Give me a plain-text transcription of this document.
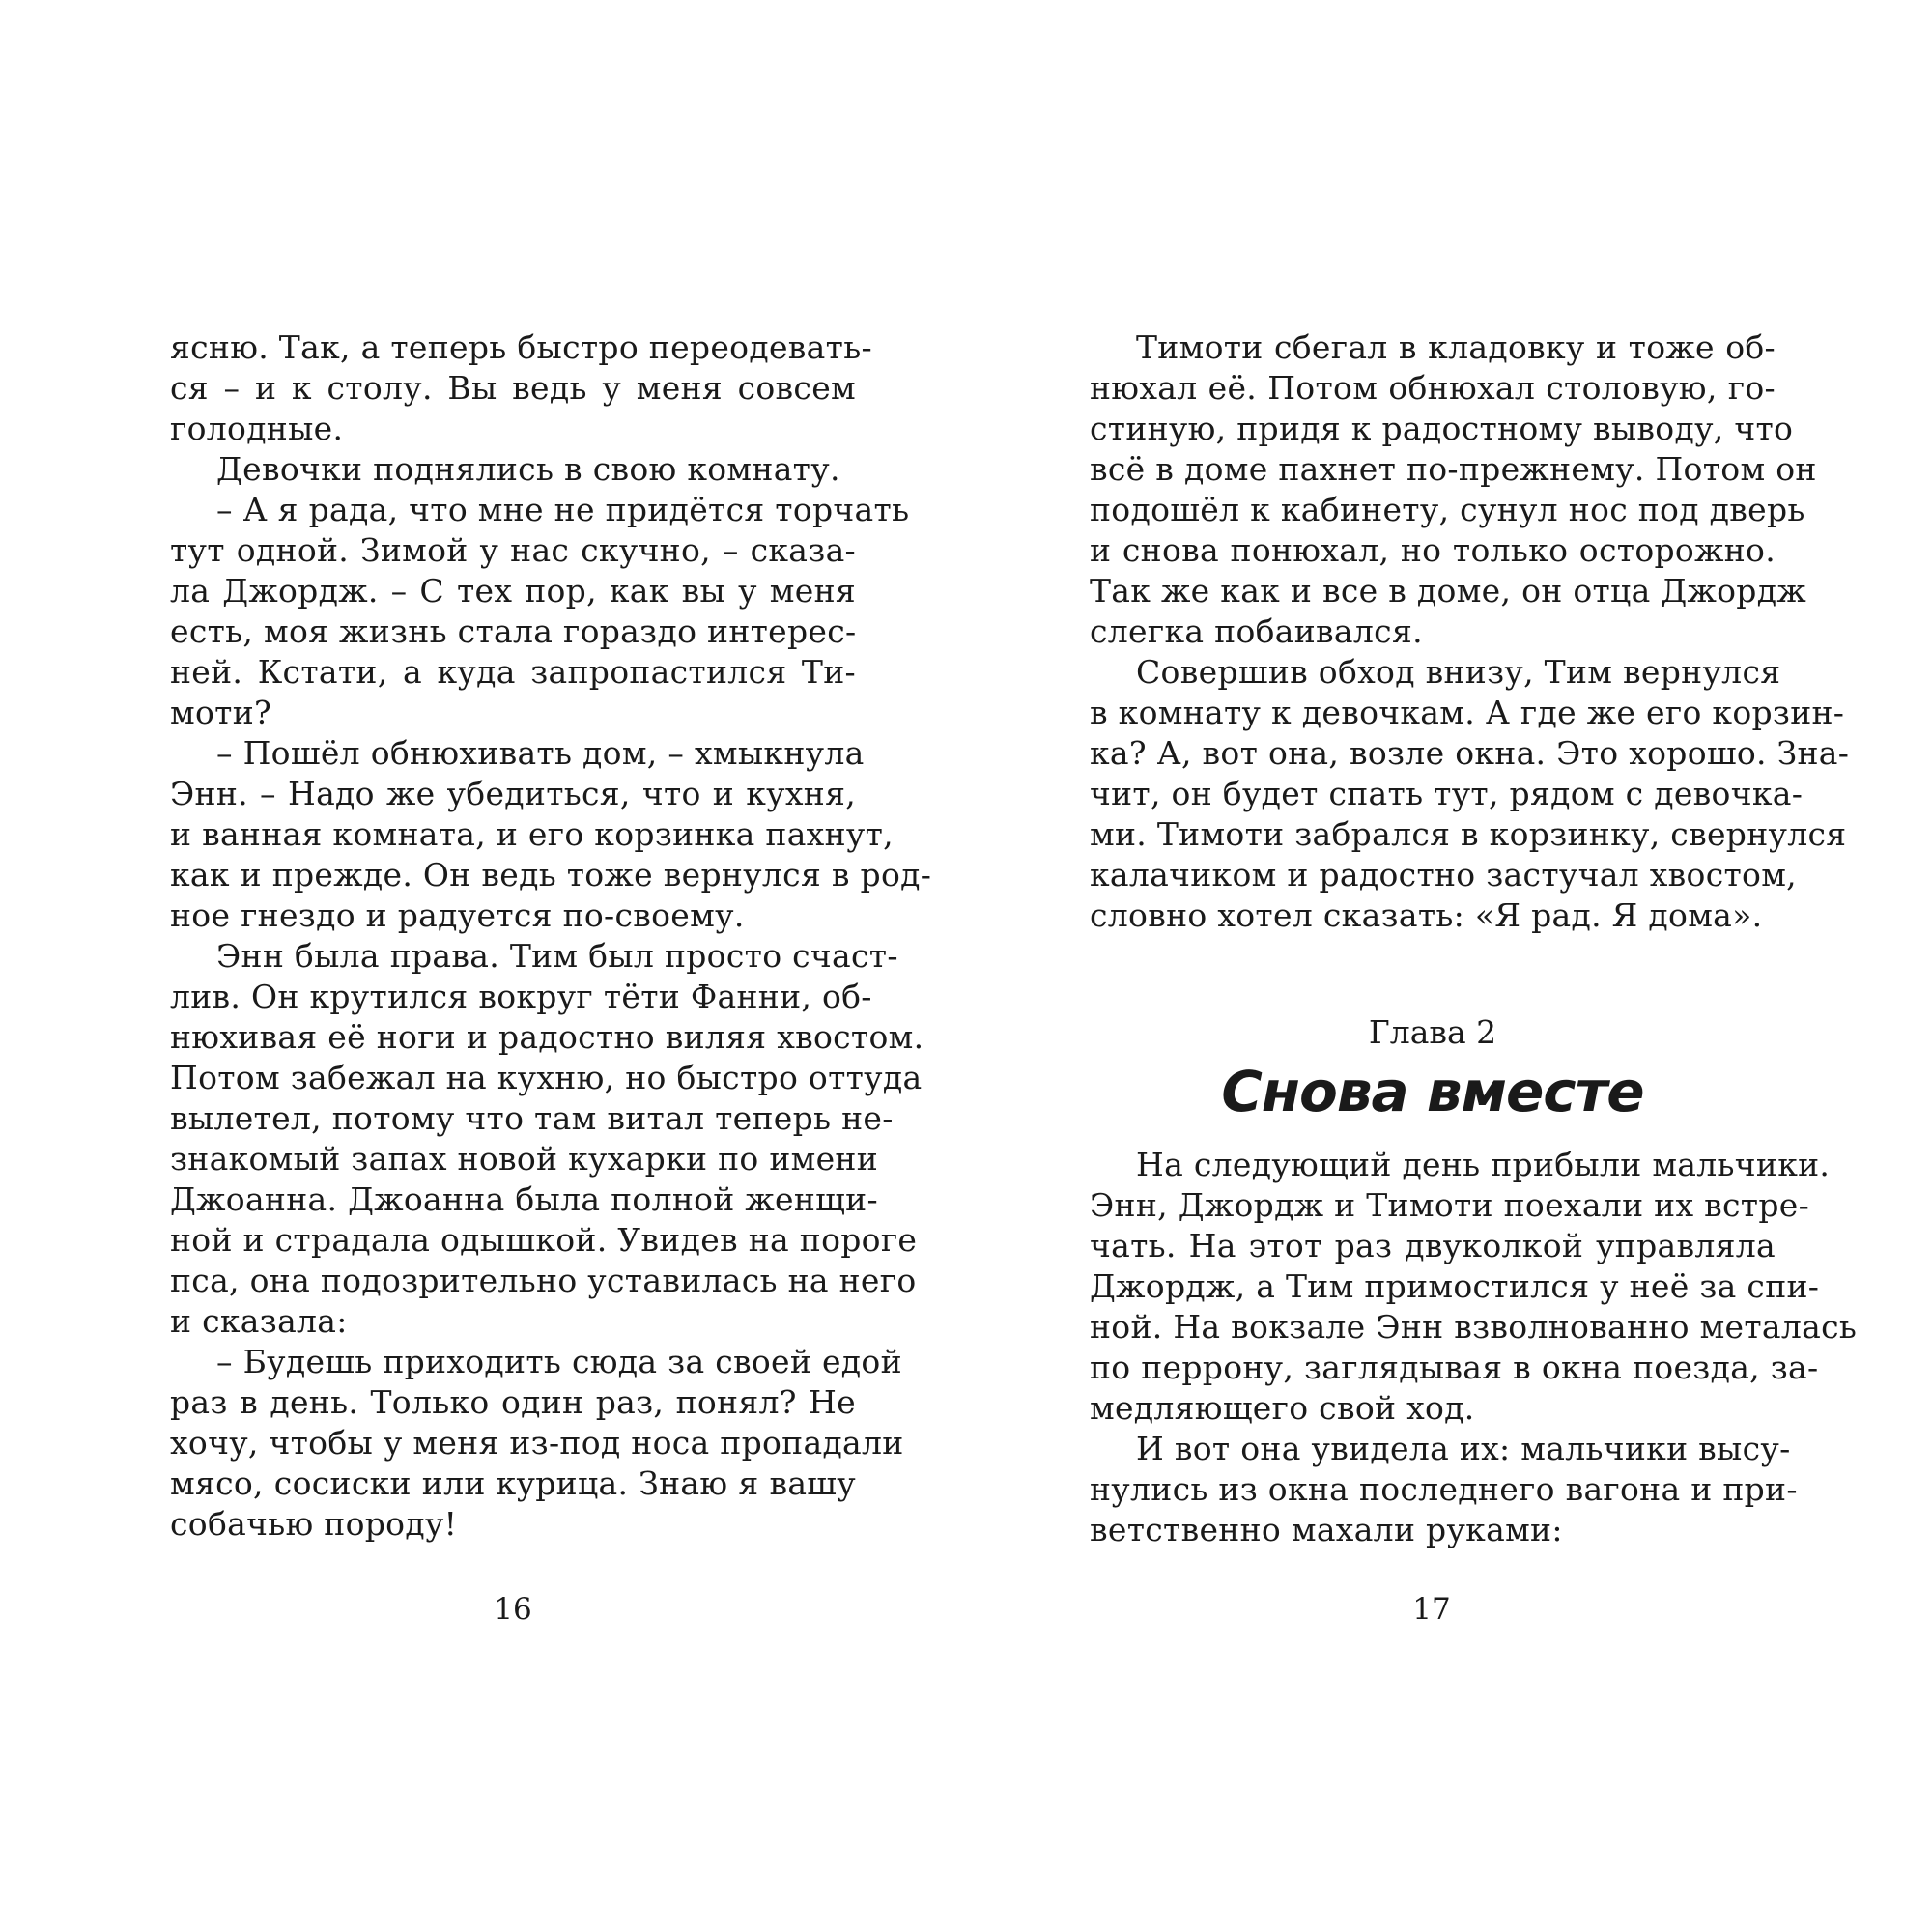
ясню. Так, а теперь быстро переодевать-
ся – и к столу. Вы ведь у меня совсем
голодные.
Девочки поднялись в свою комнату.
– А я рада, что мне не придётся торчать
тут одной. Зимой у нас скучно, – сказа-
ла Джордж. – С тех пор, как вы у меня
есть, моя жизнь стала гораздо интерес-
ней. Кстати, а куда запропастился Ти-
моти?
– Пошёл обнюхивать дом, – хмыкнула
Энн. – Надо же убедиться, что и кухня,
и ванная комната, и его корзинка пахнут,
как и прежде. Он ведь тоже вернулся в род-
ное гнездо и радуется по-своему.
Энн была права. Тим был просто счаст-
лив. Он крутился вокруг тёти Фанни, об-
нюхивая её ноги и радостно виляя хвостом.
Потом забежал на кухню, но быстро оттуда
вылетел, потому что там витал теперь не-
знакомый запах новой кухарки по имени
Джоанна. Джоанна была полной женщи-
ной и страдала одышкой. Увидев на пороге
пса, она подозрительно уставилась на него
и сказала:
– Будешь приходить сюда за своей едой
раз в день. Только один раз, понял? Не
хочу, чтобы у меня из-под носа пропадали
мясо, сосиски или курица. Знаю я вашу
собачью породу!
16
Тимоти сбегал в кладовку и тоже об-
нюхал её. Потом обнюхал столовую, го-
стиную, придя к радостному выводу, что
всё в доме пахнет по-прежнему. Потом он
подошёл к кабинету, сунул нос под дверь
и снова понюхал, но только осторожно.
Так же как и все в доме, он отца Джордж
слегка побаивался.
Совершив обход внизу, Тим вернулся
в комнату к девочкам. А где же его корзин-
ка? А, вот она, возле окна. Это хорошо. Зна-
чит, он будет спать тут, рядом с девочка-
ми. Тимоти забрался в корзинку, свернулся
калачиком и радостно застучал хвостом,
словно хотел сказать: «Я рад. Я дома».
Глава 2
Снова вместе
На следующий день прибыли мальчики.
Энн, Джордж и Тимоти поехали их встре-
чать. На этот раз двуколкой управляла
Джордж, а Тим примостился у неё за спи-
ной. На вокзале Энн взволнованно металась
по перрону, заглядывая в окна поезда, за-
медляющего свой ход.
И вот она увидела их: мальчики высу-
нулись из окна последнего вагона и при-
ветственно махали руками:
17
